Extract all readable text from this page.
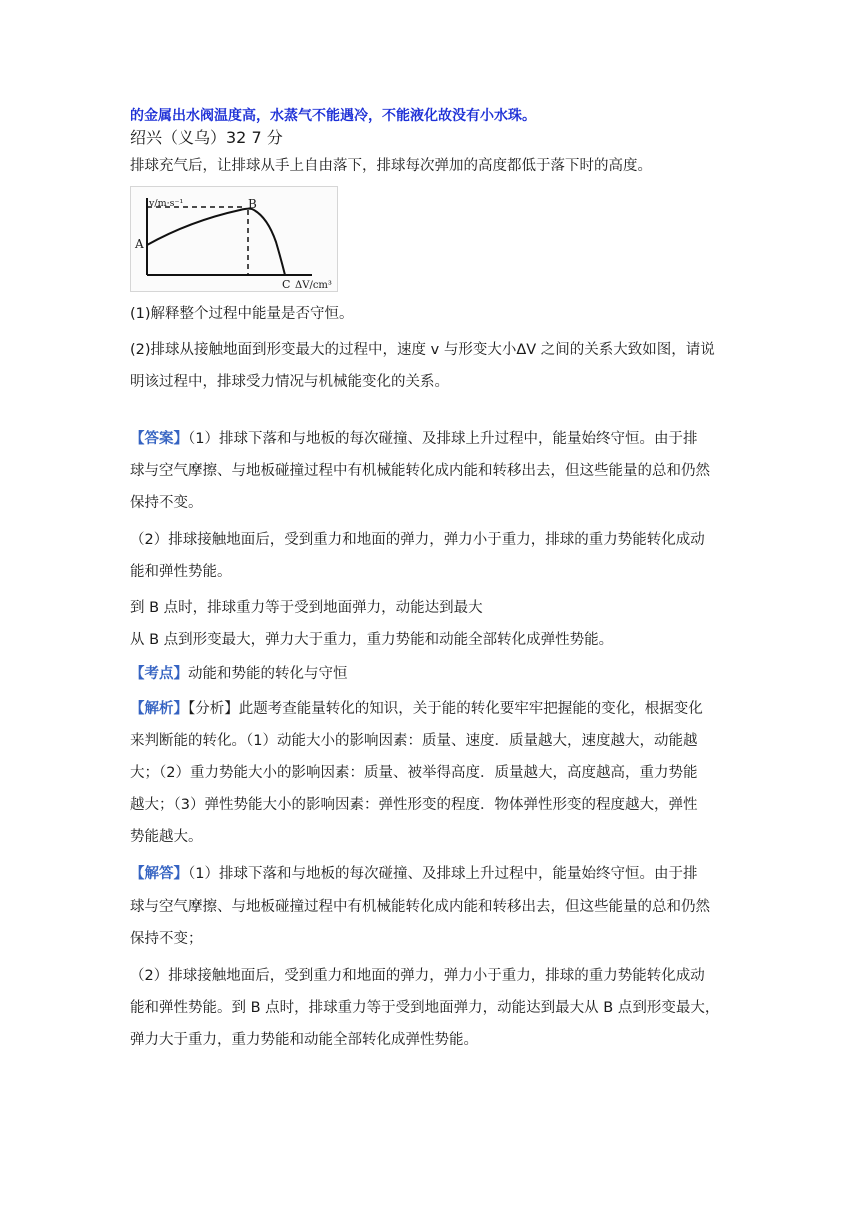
的金属出水阀温度高，水蒸气不能遇冷，不能液化故没有小水珠。

绍兴（义乌）32 7 分

排球充气后，让排球从手上自由落下，排球每次弹加的高度都低于落下时的高度。

v/m·s⁻¹
A
B
C ΔV/cm³

(1)解释整个过程中能量是否守恒。

(2)排球从接触地面到形变最大的过程中，速度 v 与形变大小ΔV 之间的关系大致如图，请说

明该过程中，排球受力情况与机械能变化的关系。

【答案】（1）排球下落和与地板的每次碰撞、及排球上升过程中，能量始终守恒。由于排

球与空气摩擦、与地板碰撞过程中有机械能转化成内能和转移出去，但这些能量的总和仍然

保持不变。

（2）排球接触地面后，受到重力和地面的弹力，弹力小于重力，排球的重力势能转化成动

能和弹性势能。

到 B 点时，排球重力等于受到地面弹力，动能达到最大

从 B 点到形变最大，弹力大于重力，重力势能和动能全部转化成弹性势能。

【考点】动能和势能的转化与守恒

【解析】【分析】此题考查能量转化的知识，关于能的转化要牢牢把握能的变化，根据变化

来判断能的转化。（1）动能大小的影响因素：质量、速度．质量越大，速度越大，动能越

大；（2）重力势能大小的影响因素：质量、被举得高度．质量越大，高度越高，重力势能

越大；（3）弹性势能大小的影响因素：弹性形变的程度．物体弹性形变的程度越大，弹性

势能越大。

【解答】（1）排球下落和与地板的每次碰撞、及排球上升过程中，能量始终守恒。由于排

球与空气摩擦、与地板碰撞过程中有机械能转化成内能和转移出去，但这些能量的总和仍然

保持不变；

（2）排球接触地面后，受到重力和地面的弹力，弹力小于重力，排球的重力势能转化成动

能和弹性势能。到 B 点时，排球重力等于受到地面弹力，动能达到最大从 B 点到形变最大，

弹力大于重力，重力势能和动能全部转化成弹性势能。
